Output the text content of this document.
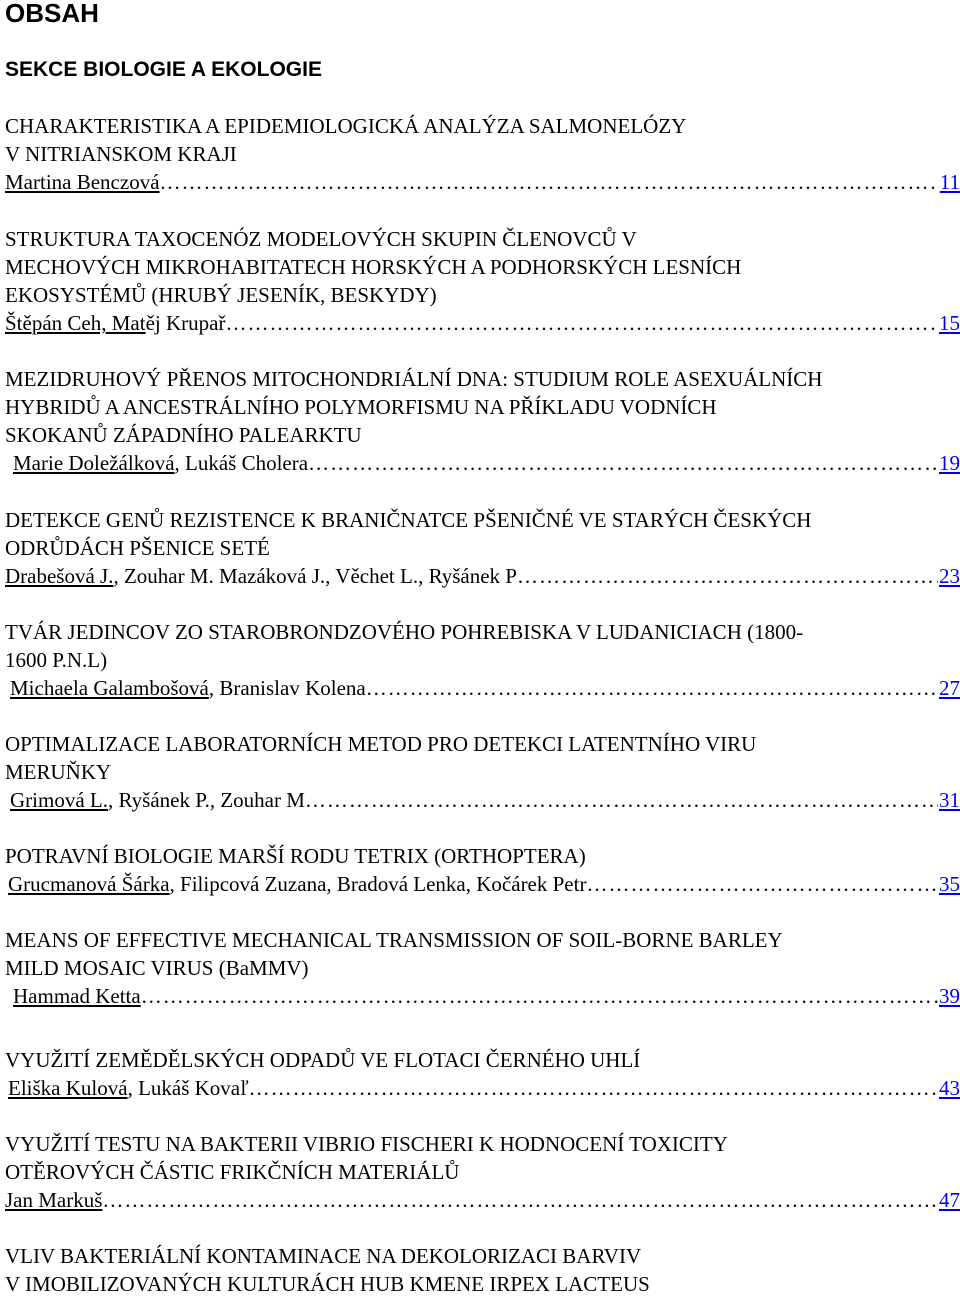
OBSAH
SEKCE BIOLOGIE A EKOLOGIE
CHARAKTERISTIKA A EPIDEMIOLOGICKÁ ANALÝZA SALMONELÓZY
V NITRIANSKOM KRAJI
Martina Benczová ……………………………………………………………………………………………………………………………………………………………………………………	11
STRUKTURA TAXOCENÓZ MODELOVÝCH SKUPIN ČLENOVCŮ V
MECHOVÝCH MIKROHABITATECH HORSKÝCH A PODHORSKÝCH LESNÍCH
EKOSYSTÉMŮ (HRUBÝ JESENÍK, BESKYDY)
Štěpán Ceh, Matěj Krupař ……………………………………………………………………………………………………………………………………………………………………………………	15
MEZIDRUHOVÝ PŘENOS MITOCHONDRIÁLNÍ DNA: STUDIUM ROLE ASEXUÁLNÍCH
HYBRIDŮ A ANCESTRÁLNÍHO POLYMORFISMU NA PŘÍKLADU VODNÍCH
SKOKANŮ ZÁPADNÍHO PALEARKTU
Marie Doležálková, Lukáš Cholera ……………………………………………………………………………………………………………………………………………………………………………………	19
DETEKCE GENŮ REZISTENCE K BRANIČNATCE PŠENIČNÉ VE STARÝCH ČESKÝCH
ODRŮDÁCH PŠENICE SETÉ
Drabešová J., Zouhar M. Mazáková J., Věchet L., Ryšánek P ……………………………………………………………………………………………………………………………………………………………………………………	23
TVÁR JEDINCOV ZO STAROBRONDZOVÉHO POHREBISKA V LUDANICIACH (1800-
1600 P.N.L)
Michaela Galambošová, Branislav Kolena ……………………………………………………………………………………………………………………………………………………………………………………	27
OPTIMALIZACE LABORATORNÍCH METOD PRO DETEKCI LATENTNÍHO VIRU
MERUŇKY
Grimová L., Ryšánek P., Zouhar M ……………………………………………………………………………………………………………………………………………………………………………………	31
POTRAVNÍ BIOLOGIE MARŠÍ RODU TETRIX (ORTHOPTERA)
Grucmanová Šárka, Filipcová Zuzana, Bradová Lenka, Kočárek Petr ……………………………………………………………………………………………………………………………………………………………………………………	35
MEANS OF EFFECTIVE MECHANICAL TRANSMISSION OF SOIL-BORNE BARLEY
MILD MOSAIC VIRUS (BaMMV)
Hammad Ketta ……………………………………………………………………………………………………………………………………………………………………………………	39
VYUŽITÍ ZEMĚDĚLSKÝCH ODPADŮ VE FLOTACI ČERNÉHO UHLÍ
Eliška Kulová, Lukáš Kovaľ ……………………………………………………………………………………………………………………………………………………………………………………	43
VYUŽITÍ TESTU NA BAKTERII VIBRIO FISCHERI K HODNOCENÍ TOXICITY
OTĚROVÝCH ČÁSTIC FRIKČNÍCH MATERIÁLŮ
Jan Markuš ……………………………………………………………………………………………………………………………………………………………………………………	47
VLIV BAKTERIÁLNÍ KONTAMINACE NA DEKOLORIZACI BARVIV
V IMOBILIZOVANÝCH KULTURÁCH HUB KMENE IRPEX LACTEUS
